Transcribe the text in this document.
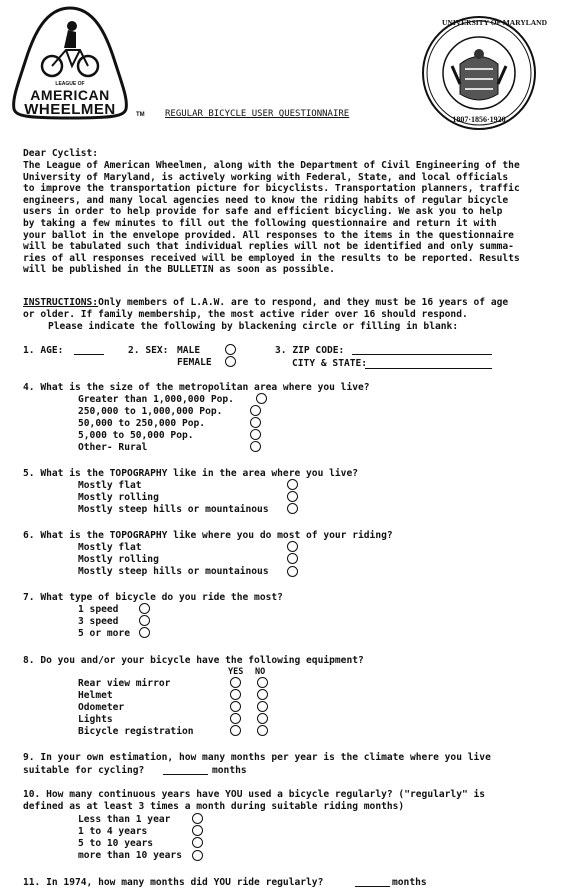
LEAGUE OF
AMERICAN
WHEELMEN	TM REGULAR BICYCLE USER QUESTIONNAIRE
UNIVERSITY OF MARYLAND
1807·1856·1920
Dear Cyclist:
The League of American Wheelmen, along with the Department of Civil Engineering of the
University of Maryland, is actively working with Federal, State, and local officials
to improve the transportation picture for bicyclists. Transportation planners, traffic
engineers, and many local agencies need to know the riding habits of regular bicycle
users in order to help provide for safe and efficient bicycling. We ask you to help
by taking a few minutes to fill out the following questionnaire and return it with
your ballot in the envelope provided. All responses to the items in the questionnaire
will be tabulated such that individual replies will not be identified and only summa-
ries of all responses received will be employed in the results to be reported. Results
will be published in the BULLETIN as soon as possible.
INSTRUCTIONS:Only members of L.A.W. are to respond, and they must be 16 years of age
or older. If family membership, the most active rider over 16 should respond.
Please indicate the following by blackening circle or filling in blank:
1. AGE:	2. SEX: MALE
FEMALE
3. ZIP CODE:
CITY & STATE:
4. What is the size of the metropolitan area where you live?
Greater than 1,000,000 Pop.
250,000 to 1,000,000 Pop.
50,000 to 250,000 Pop.
5,000 to 50,000 Pop.
Other- Rural
5. What is the TOPOGRAPHY like in the area where you live?
Mostly flat
Mostly rolling
Mostly steep hills or mountainous
6. What is the TOPOGRAPHY like where you do most of your riding?
Mostly flat
Mostly rolling
Mostly steep hills or mountainous
7. What type of bicycle do you ride the most?
1 speed
3 speed
5 or more
8. Do you and/or your bicycle have the following equipment?
YES NO
Rear view mirror
Helmet
Odometer
Lights
Bicycle registration
9. In your own estimation, how many months per year is the climate where you live
suitable for cycling?	months
10. How many continuous years have YOU used a bicycle regularly? ("regularly" is
defined as at least 3 times a month during suitable riding months)
Less than 1 year
1 to 4 years
5 to 10 years
more than 10 years
11. In 1974, how many months did YOU ride regularly?	months
